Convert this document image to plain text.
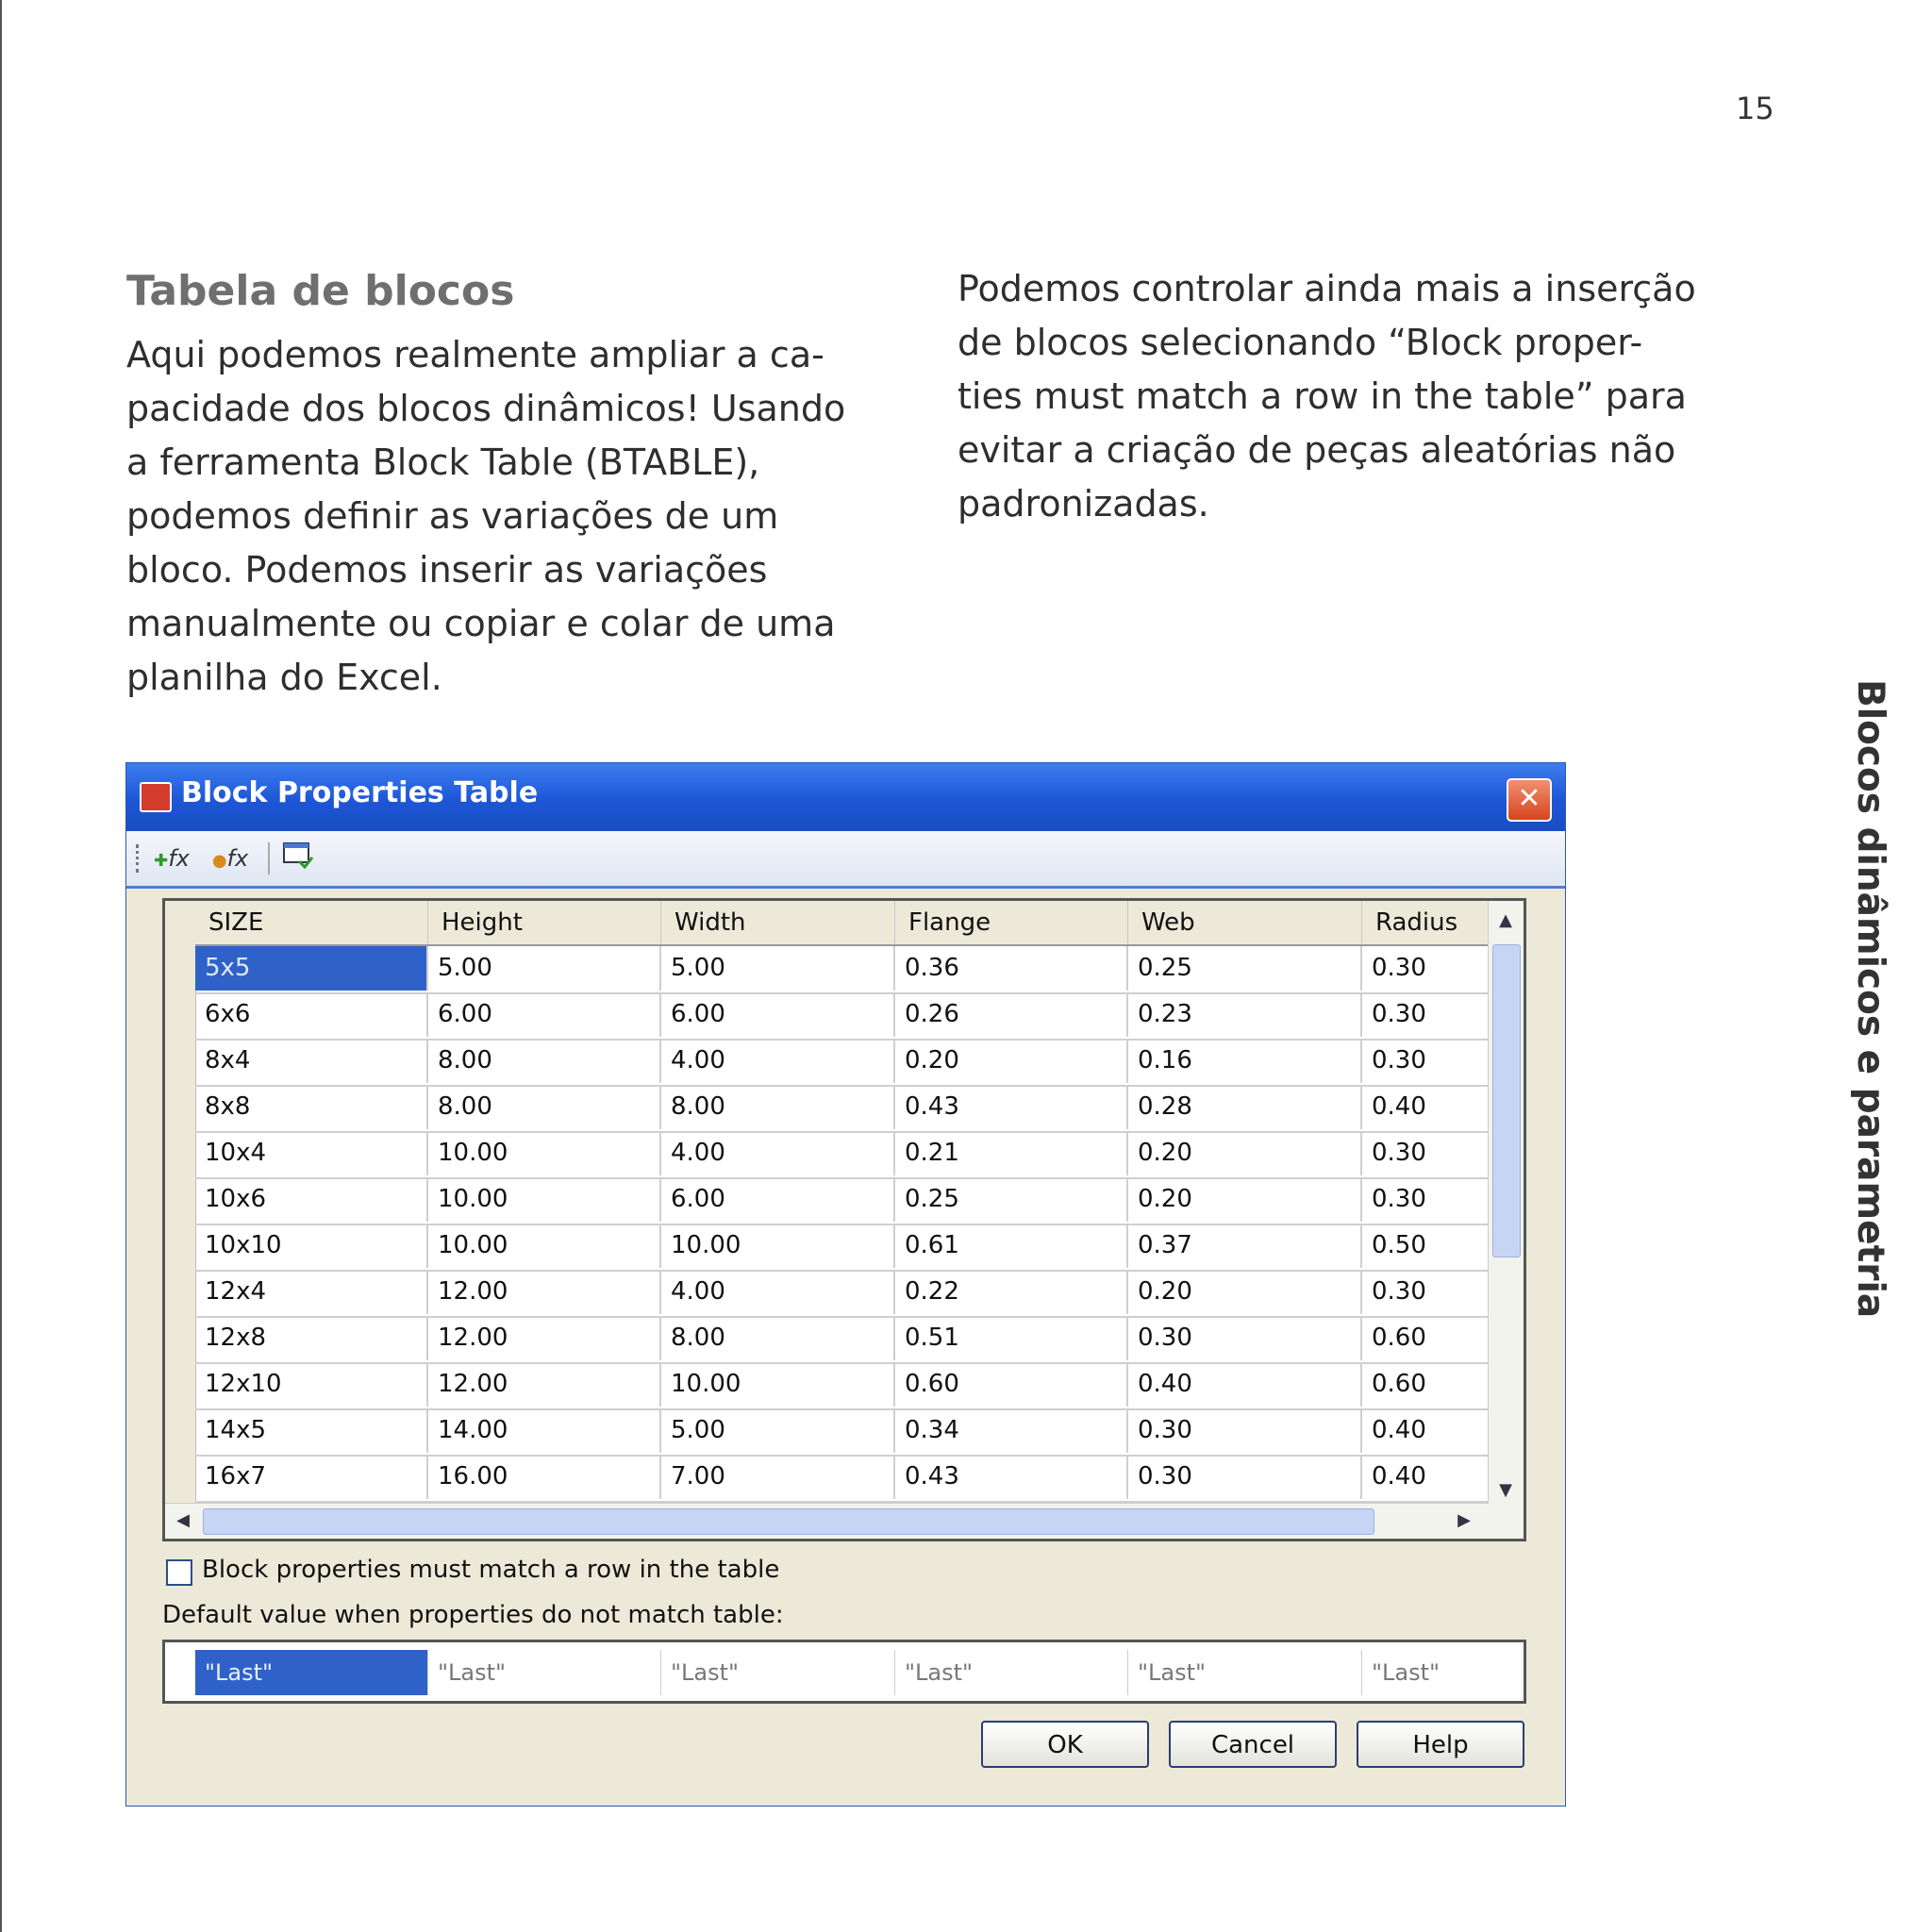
15
Blocos dinâmicos e parametria
Tabela de blocos
Aqui podemos realmente ampliar a ca-
pacidade dos blocos dinâmicos! Usando
a ferramenta Block Table (BTABLE),
podemos definir as variações de um
bloco. Podemos inserir as variações
manualmente ou copiar e colar de uma
planilha do Excel.
Podemos controlar ainda mais a inserção
de blocos selecionando “Block proper-
ties must match a row in the table” para
evitar a criação de peças aleatórias não
padronizadas.
Block Properties Table	✕
✚fx ●fx
SIZE	Height	Width	Flange	Web	Radius
5x5	5.00	5.00	0.36	0.25	0.30
6x6	6.00	6.00	0.26	0.23	0.30
8x4	8.00	4.00	0.20	0.16	0.30
8x8	8.00	8.00	0.43	0.28	0.40
10x4	10.00	4.00	0.21	0.20	0.30
10x6	10.00	6.00	0.25	0.20	0.30
10x10	10.00	10.00	0.61	0.37	0.50
12x4	12.00	4.00	0.22	0.20	0.30
12x8	12.00	8.00	0.51	0.30	0.60
12x10	12.00	10.00	0.60	0.40	0.60
14x5	14.00	5.00	0.34	0.30	0.40
16x7	16.00	7.00	0.43	0.30	0.40
▲
▼
◀	▶
Block properties must match a row in the table
Default value when properties do not match table:
"Last"	"Last"	"Last"	"Last"	"Last"	"Last"
OK	Cancel	Help
